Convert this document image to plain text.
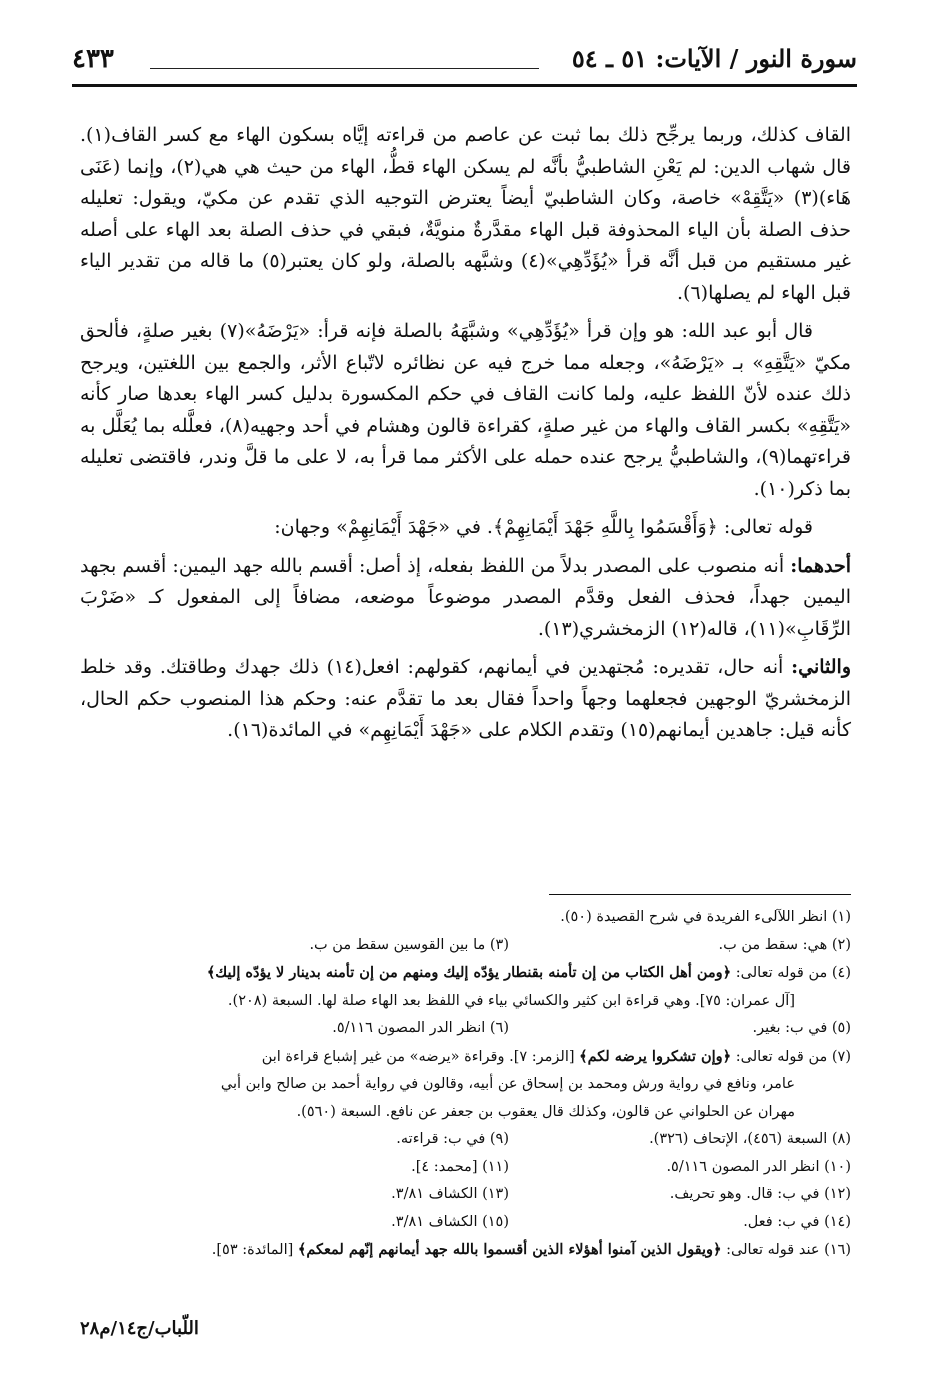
سورة النور / الآيات: ٥١ ـ ٥٤
٤٣٣

القاف كذلك، وربما يرجِّح ذلك بما ثبت عن عاصم من قراءته إيَّاه بسكون الهاء مع كسر القاف(١). قال شهاب الدين: لم يَعْنِ الشاطبيُّ بأنَّه لم يسكن الهاء قطُّ، الهاء من حيث هي هي(٢)، وإنما (عَنَى هَاء)(٣) «يَتَّقِهْ» خاصة، وكان الشاطبيّ أيضاً يعترض التوجيه الذي تقدم عن مكيّ، ويقول: تعليله حذف الصلة بأن الياء المحذوفة قبل الهاء مقدَّرةٌ منويَّةٌ، فبقي في حذف الصلة بعد الهاء على أصله غير مستقيم من قبل أنَّه قرأ «يُؤَدِّهِي»(٤) وشبَّهه بالصلة، ولو كان يعتبر(٥) ما قاله من تقدير الياء قبل الهاء لم يصلها(٦).

قال أبو عبد الله: هو وإن قرأ «يُؤَدِّهِي» وشبَّهَهُ بالصلة فإنه قرأ: «يَرْضَهُ»(٧) بغير صلةٍ، فألحق مكيّ «يَتَّقِهِ» بـ «يَرْضَهُ»، وجعله مما خرج فيه عن نظائره لاتّباع الأثر، والجمع بين اللغتين، ويرجح ذلك عنده لأنّ اللفظ عليه، ولما كانت القاف في حكم المكسورة بدليل كسر الهاء بعدها صار كأنه «يَتَّقِهِ» بكسر القاف والهاء من غير صلةٍ، كقراءة قالون وهشام في أحد وجهيه(٨)، فعلَّله بما يُعَلَّل به قراءتهما(٩)، والشاطبيُّ يرجح عنده حمله على الأكثر مما قرأ به، لا على ما قلَّ وندر، فاقتضى تعليله بما ذكر(١٠).

قوله تعالى: ﴿وَأَقْسَمُوا بِاللَّهِ جَهْدَ أَيْمَانِهِمْ﴾. في «جَهْدَ أَيْمَانِهِمْ» وجهان:

أحدهما: أنه منصوب على المصدر بدلاً من اللفظ بفعله، إذ أصل: أقسم بالله جهد اليمين: أقسم بجهد اليمين جهداً، فحذف الفعل وقدَّم المصدر موضوعاً موضعه، مضافاً إلى المفعول كـ «ضَرْبَ الرِّقَابِ»(١١)، قاله(١٢) الزمخشري(١٣).

والثاني: أنه حال، تقديره: مُجتهدين في أيمانهم، كقولهم: افعل(١٤) ذلك جهدك وطاقتك. وقد خلط الزمخشريّ الوجهين فجعلهما وجهاً واحداً فقال بعد ما تقدَّم عنه: وحكم هذا المنصوب حكم الحال، كأنه قيل: جاهدين أيمانهم(١٥) وتقدم الكلام على «جَهْدَ أَيْمَانِهِم» في المائدة(١٦).

(١) انظر اللآلىء الفريدة في شرح القصيدة (٥٠).
(٢) هي: سقط من ب.
(٣) ما بين القوسين سقط من ب.
(٤) من قوله تعالى: ﴿ومن أهل الكتاب من إن تأمنه بقنطار يؤدّه إليك ومنهم من إن تأمنه بدينار لا يؤدّه إليك﴾
[آل عمران: ٧٥]. وهي قراءة ابن كثير والكسائي بياء في اللفظ بعد الهاء صلة لها. السبعة (٢٠٨).
(٥) في ب: بغير.
(٦) انظر الدر المصون ٥/١١٦.
(٧) من قوله تعالى: ﴿وإن تشكروا يرضه لكم﴾ [الزمر: ٧]. وقراءة «يرضه» من غير إشباع قراءة ابن
عامر، ونافع في رواية ورش ومحمد بن إسحاق عن أبيه، وقالون في رواية أحمد بن صالح وابن أبي
مهران عن الحلواني عن قالون، وكذلك قال يعقوب بن جعفر عن نافع. السبعة (٥٦٠).
(٨) السبعة (٤٥٦)، الإتحاف (٣٢٦).
(٩) في ب: قراءته.
(١٠) انظر الدر المصون ٥/١١٦.
(١١) [محمد: ٤].
(١٢) في ب: قال. وهو تحريف.
(١٣) الكشاف ٣/٨١.
(١٤) في ب: فعل.
(١٥) الكشاف ٣/٨١.
(١٦) عند قوله تعالى: ﴿ويقول الذين آمنوا أهؤلاء الذين أقسموا بالله جهد أيمانهم إنّهم لمعكم﴾ [المائدة: ٥٣].
اللّباب/ج١٤/م٢٨
